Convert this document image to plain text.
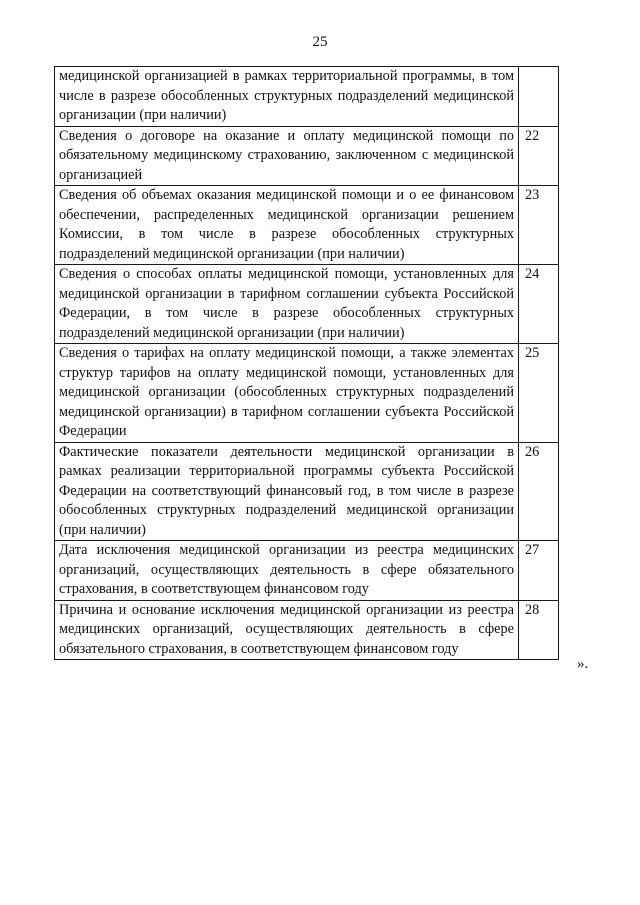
25
медицинской организацией в рамках территориальной программы, в том числе в разрезе обособленных структурных подразделений медицинской организации (при наличии)	
Сведения о договоре на оказание и оплату медицинской помощи по обязательному медицинскому страхованию, заключенном с медицинской организацией	22
Сведения об объемах оказания медицинской помощи и о ее финансовом обеспечении, распределенных медицинской организации решением Комиссии, в том числе в разрезе обособленных структурных подразделений медицинской организации (при наличии)	23
Сведения о способах оплаты медицинской помощи, установленных для медицинской организации в тарифном соглашении субъекта Российской Федерации, в том числе в разрезе обособленных структурных подразделений медицинской организации (при наличии)	24
Сведения о тарифах на оплату медицинской помощи, а также элементах структур тарифов на оплату медицинской помощи, установленных для медицинской организации (обособленных структурных подразделений медицинской организации) в тарифном соглашении субъекта Российской Федерации	25
Фактические показатели деятельности медицинской организации в рамках реализации территориальной программы субъекта Российской Федерации на соответствующий финансовый год, в том числе в разрезе обособленных структурных подразделений медицинской организации (при наличии)	26
Дата исключения медицинской организации из реестра медицинских организаций, осуществляющих деятельность в сфере обязательного страхования, в соответствующем финансовом году	27
Причина и основание исключения медицинской организации из реестра медицинских организаций, осуществляющих деятельность в сфере обязательного страхования, в соответствующем финансовом году	28
».
